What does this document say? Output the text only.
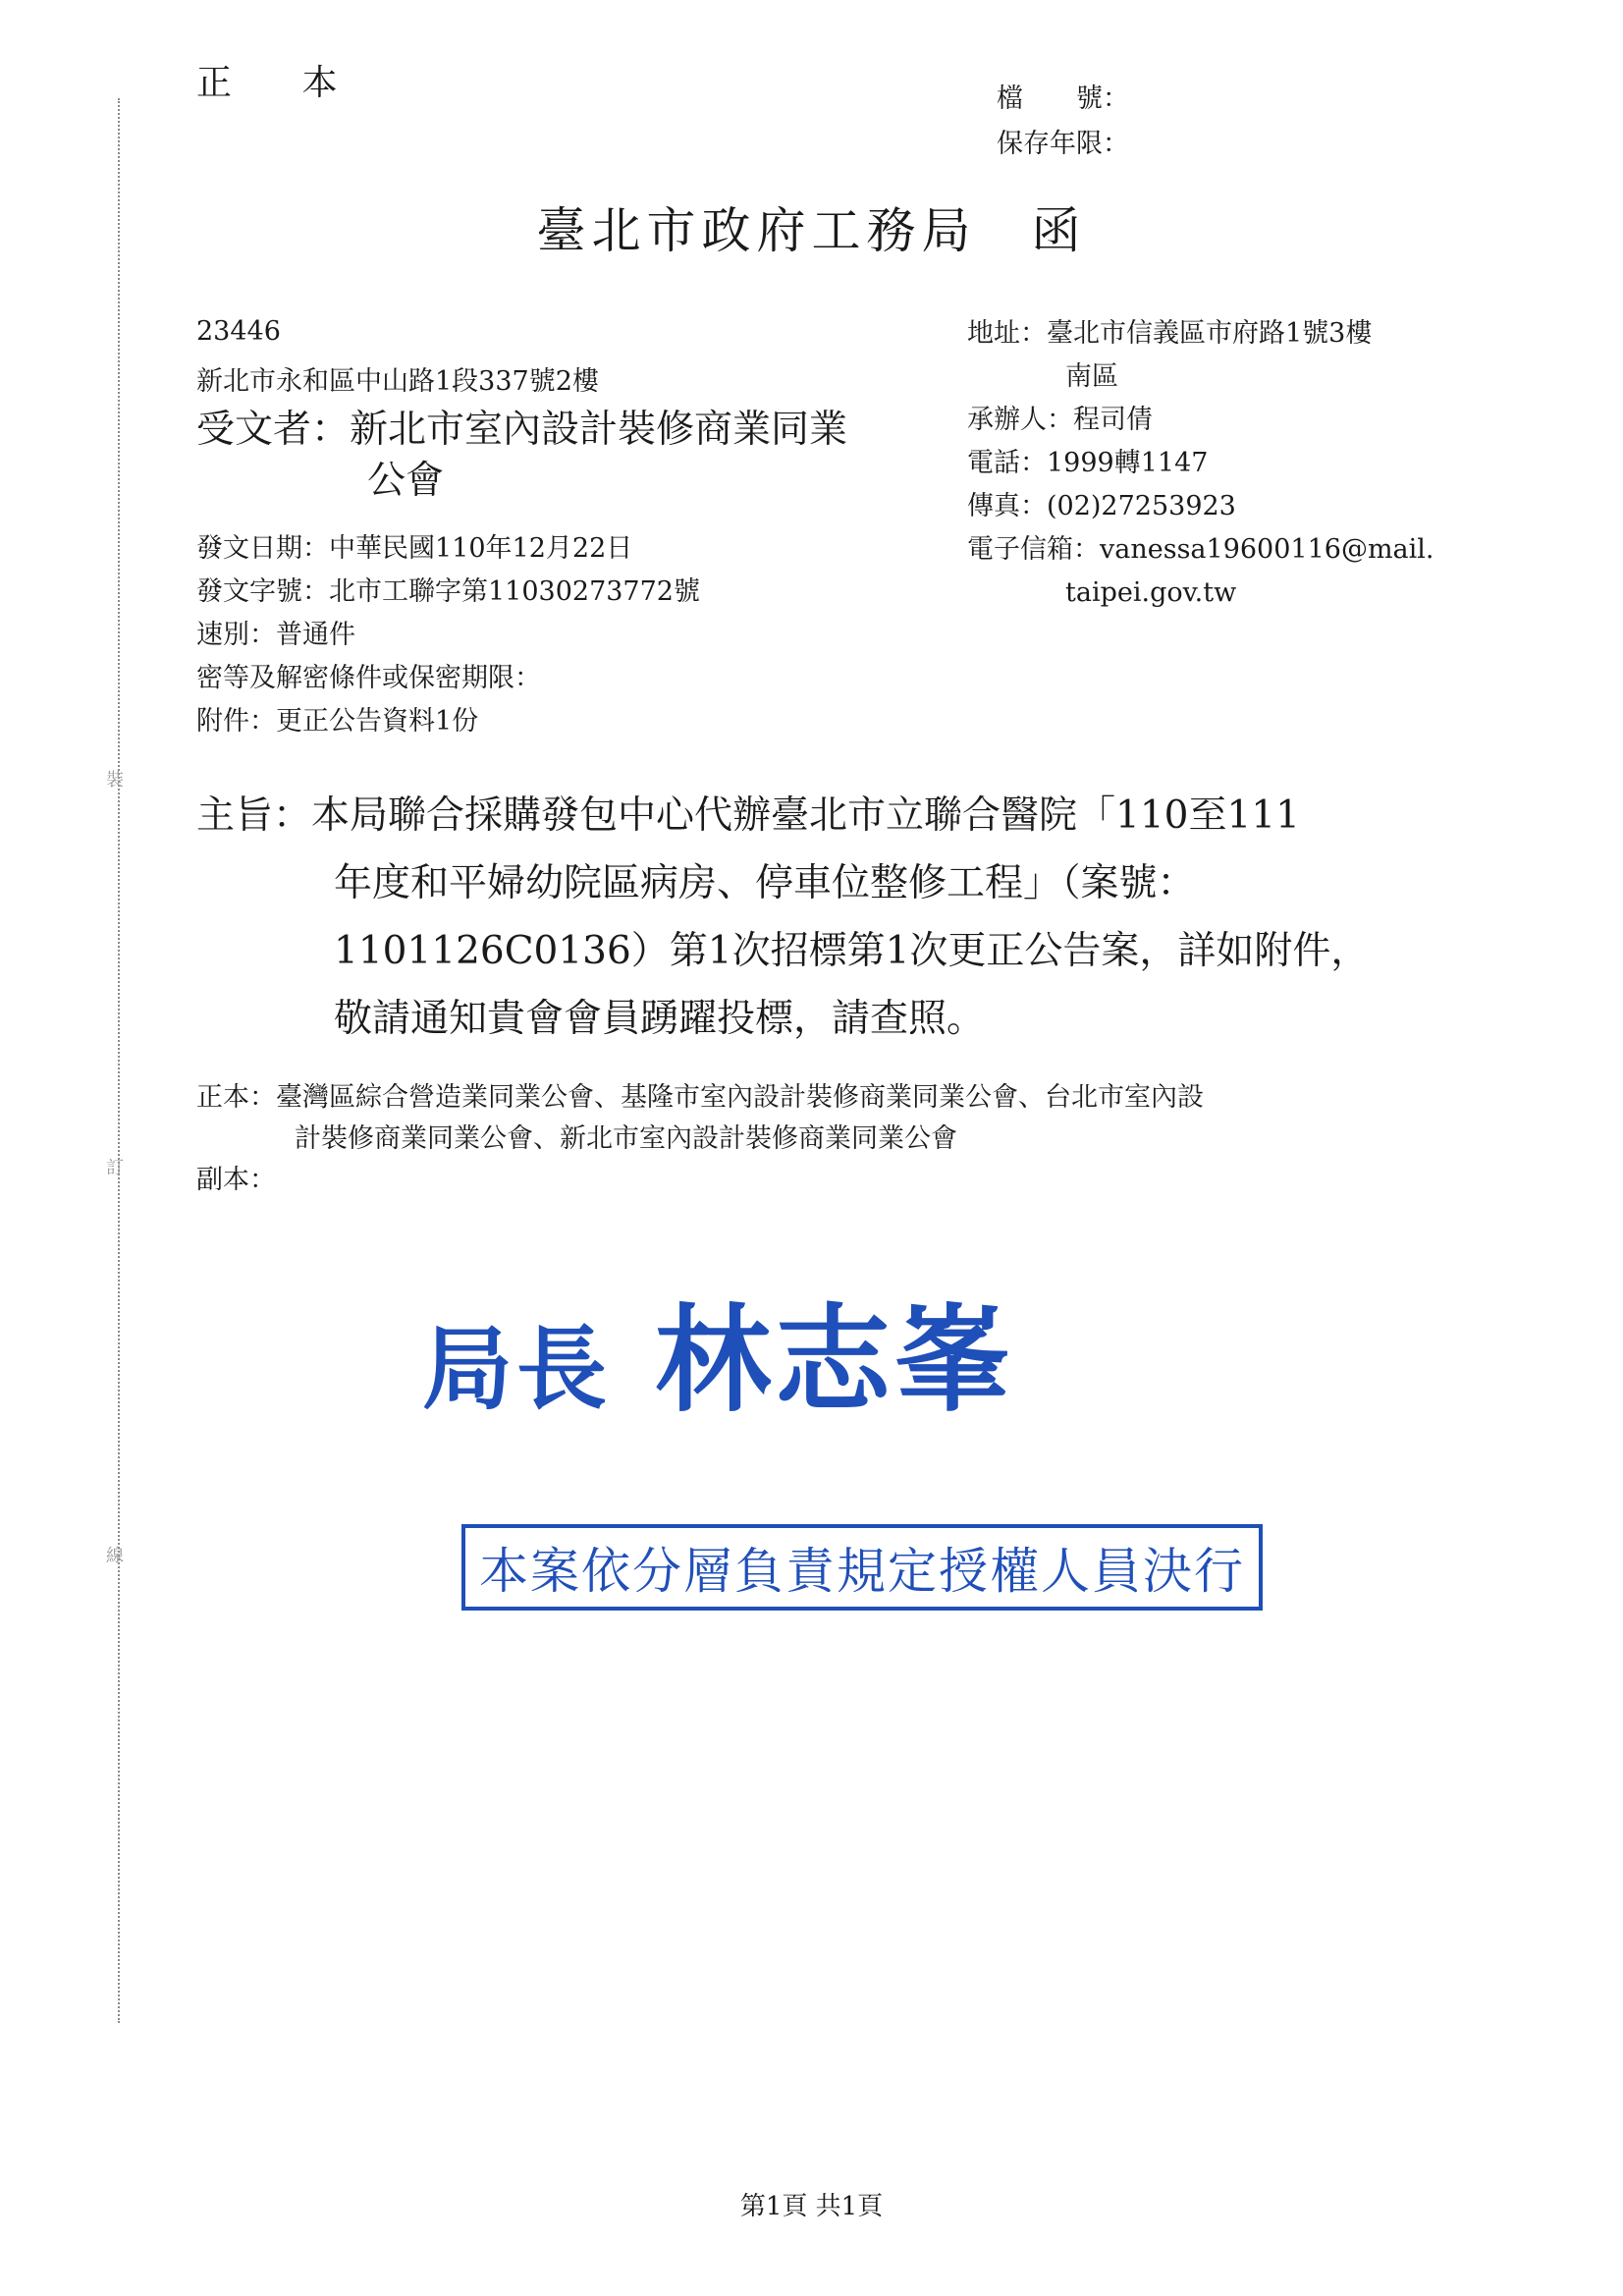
裝
訂
線
正 本	檔　　號：
保存年限：
臺北市政府工務局　函
23446
新北市永和區中山路1段337號2樓
受文者：新北市室內設計裝修商業同業
公會
地址：臺北市信義區市府路1號3樓
南區
承辦人：程司倩
電話：1999轉1147
傳真：(02)27253923
電子信箱：vanessa19600116@mail.
taipei.gov.tw
發文日期：中華民國110年12月22日
發文字號：北市工聯字第11030273772號
速別：普通件
密等及解密條件或保密期限：
附件：更正公告資料1份
主旨：本局聯合採購發包中心代辦臺北市立聯合醫院「110至111
年度和平婦幼院區病房、停車位整修工程」（案號：
1101126C0136）第1次招標第1次更正公告案，詳如附件，
敬請通知貴會會員踴躍投標，請查照。
正本：臺灣區綜合營造業同業公會、基隆市室內設計裝修商業同業公會、台北市室內設
計裝修商業同業公會、新北市室內設計裝修商業同業公會
副本：
局長 林志峯
本案依分層負責規定授權人員決行
第1頁 共1頁
